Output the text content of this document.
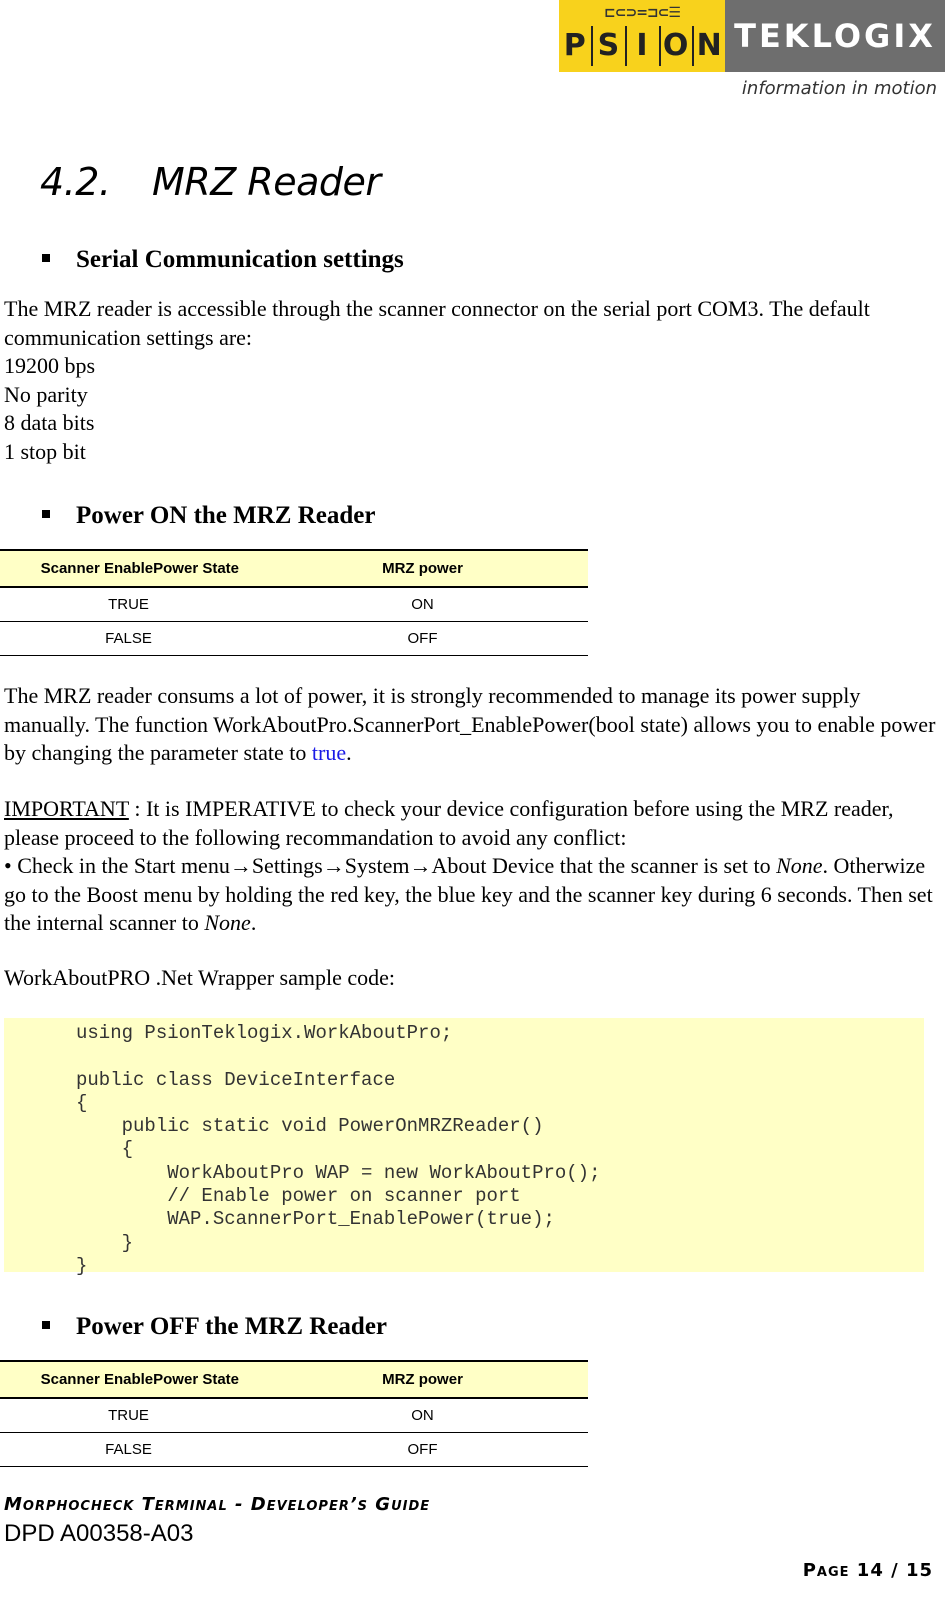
⊏⊂⊃=⊐⊂☰
P S I O N TEKLOGIX
information in motion
4.2. MRZ Reader
Serial Communication settings

The MRZ reader is accessible through the scanner connector on the serial port COM3. The default communication settings are:

19200 bps

No parity

8 data bits

1 stop bit

Power ON the MRZ Reader
Scanner EnablePower State	MRZ power
TRUE	ON
FALSE	OFF

The MRZ reader consums a lot of power, it is strongly recommended to manage its power supply manually. The function WorkAboutPro.ScannerPort_EnablePower(bool state) allows you to enable power by changing the parameter state to true.

IMPORTANT : It is IMPERATIVE to check your device configuration before using the MRZ reader, please proceed to the following recommandation to avoid any conflict:

• Check in the Start menu→Settings→System→About Device that the scanner is set to None. Otherwize go to the Boost menu by holding the red key, the blue key and the scanner key during 6 seconds. Then set the internal scanner to None.

WorkAboutPRO .Net Wrapper sample code:
using PsionTeklogix.WorkAboutPro;

public class DeviceInterface
{
public static void PowerOnMRZReader()
{
WorkAboutPro WAP = new WorkAboutPro();
// Enable power on scanner port
WAP.ScannerPort_EnablePower(true);
}
}
Power OFF the MRZ Reader
Scanner EnablePower State	MRZ power
TRUE	ON
FALSE	OFF
Morphocheck Terminal - Developer’s Guide
DPD A00358-A03
Page 14 / 15
